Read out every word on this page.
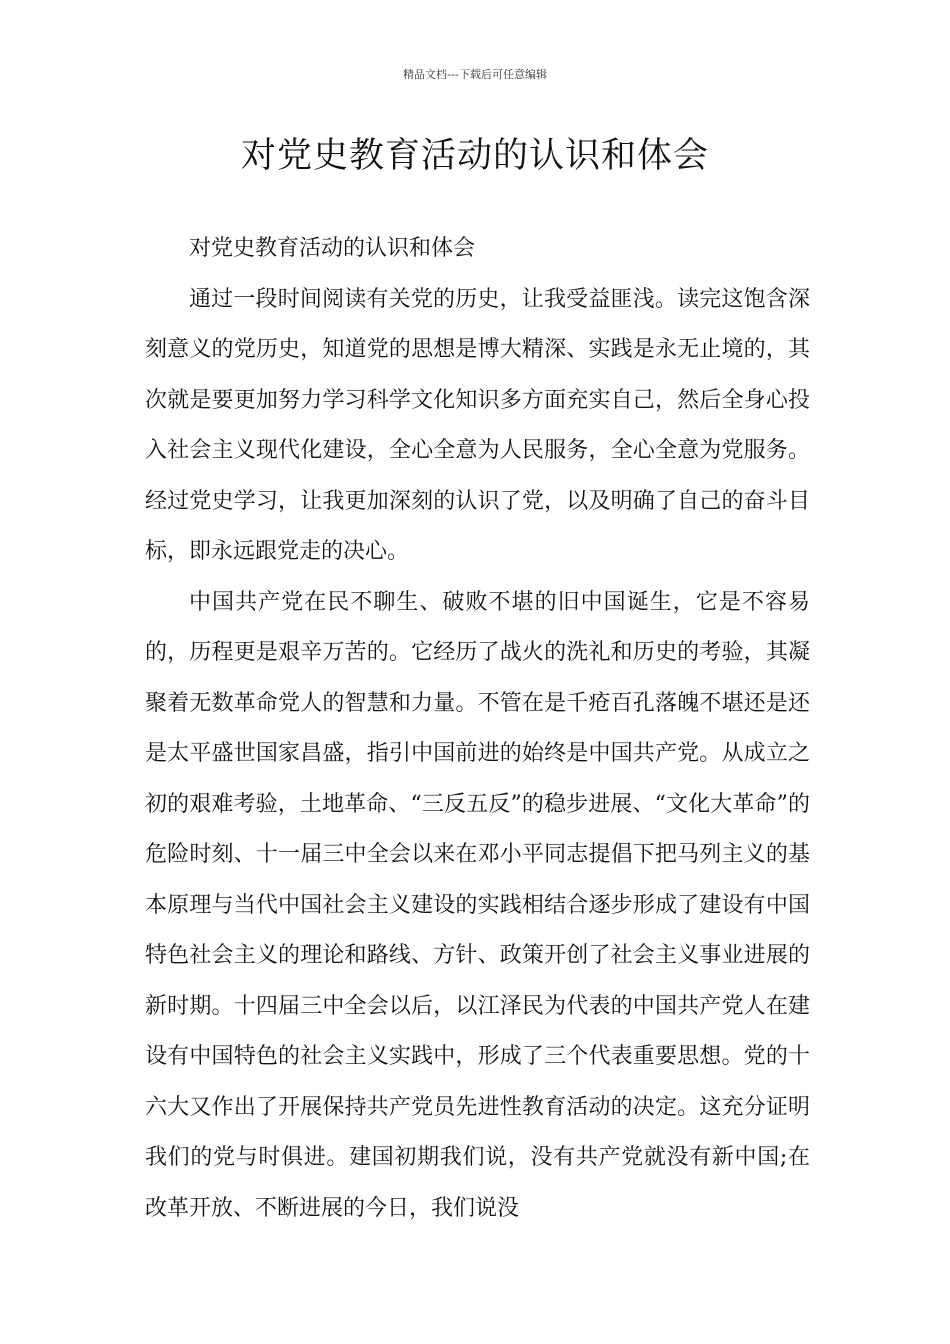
精品文档---下载后可任意编辑
对党史教育活动的认识和体会

对党史教育活动的认识和体会

通过一段时间阅读有关党的历史，让我受益匪浅。读完这饱含深刻意义的党历史，知道党的思想是博大精深、实践是永无止境的，其次就是要更加努力学习科学文化知识多方面充实自己，然后全身心投入社会主义现代化建设，全心全意为人民服务，全心全意为党服务。经过党史学习，让我更加深刻的认识了党，以及明确了自己的奋斗目标，即永远跟党走的决心。

中国共产党在民不聊生、破败不堪的旧中国诞生，它是不容易的，历程更是艰辛万苦的。它经历了战火的洗礼和历史的考验，其凝聚着无数革命党人的智慧和力量。不管在是千疮百孔落魄不堪还是还是太平盛世国家昌盛，指引中国前进的始终是中国共产党。从成立之初的艰难考验，土地革命、“三反五反”的稳步进展、“文化大革命”的危险时刻、十一届三中全会以来在邓小平同志提倡下把马列主义的基本原理与当代中国社会主义建设的实践相结合逐步形成了建设有中国特色社会主义的理论和路线、方针、政策开创了社会主义事业进展的新时期。十四届三中全会以后，以江泽民为代表的中国共产党人在建设有中国特色的社会主义实践中，形成了三个代表重要思想。党的十六大又作出了开展保持共产党员先进性教育活动的决定。这充分证明我们的党与时俱进。建国初期我们说，没有共产党就没有新中国;在改革开放、不断进展的今日，我们说没
